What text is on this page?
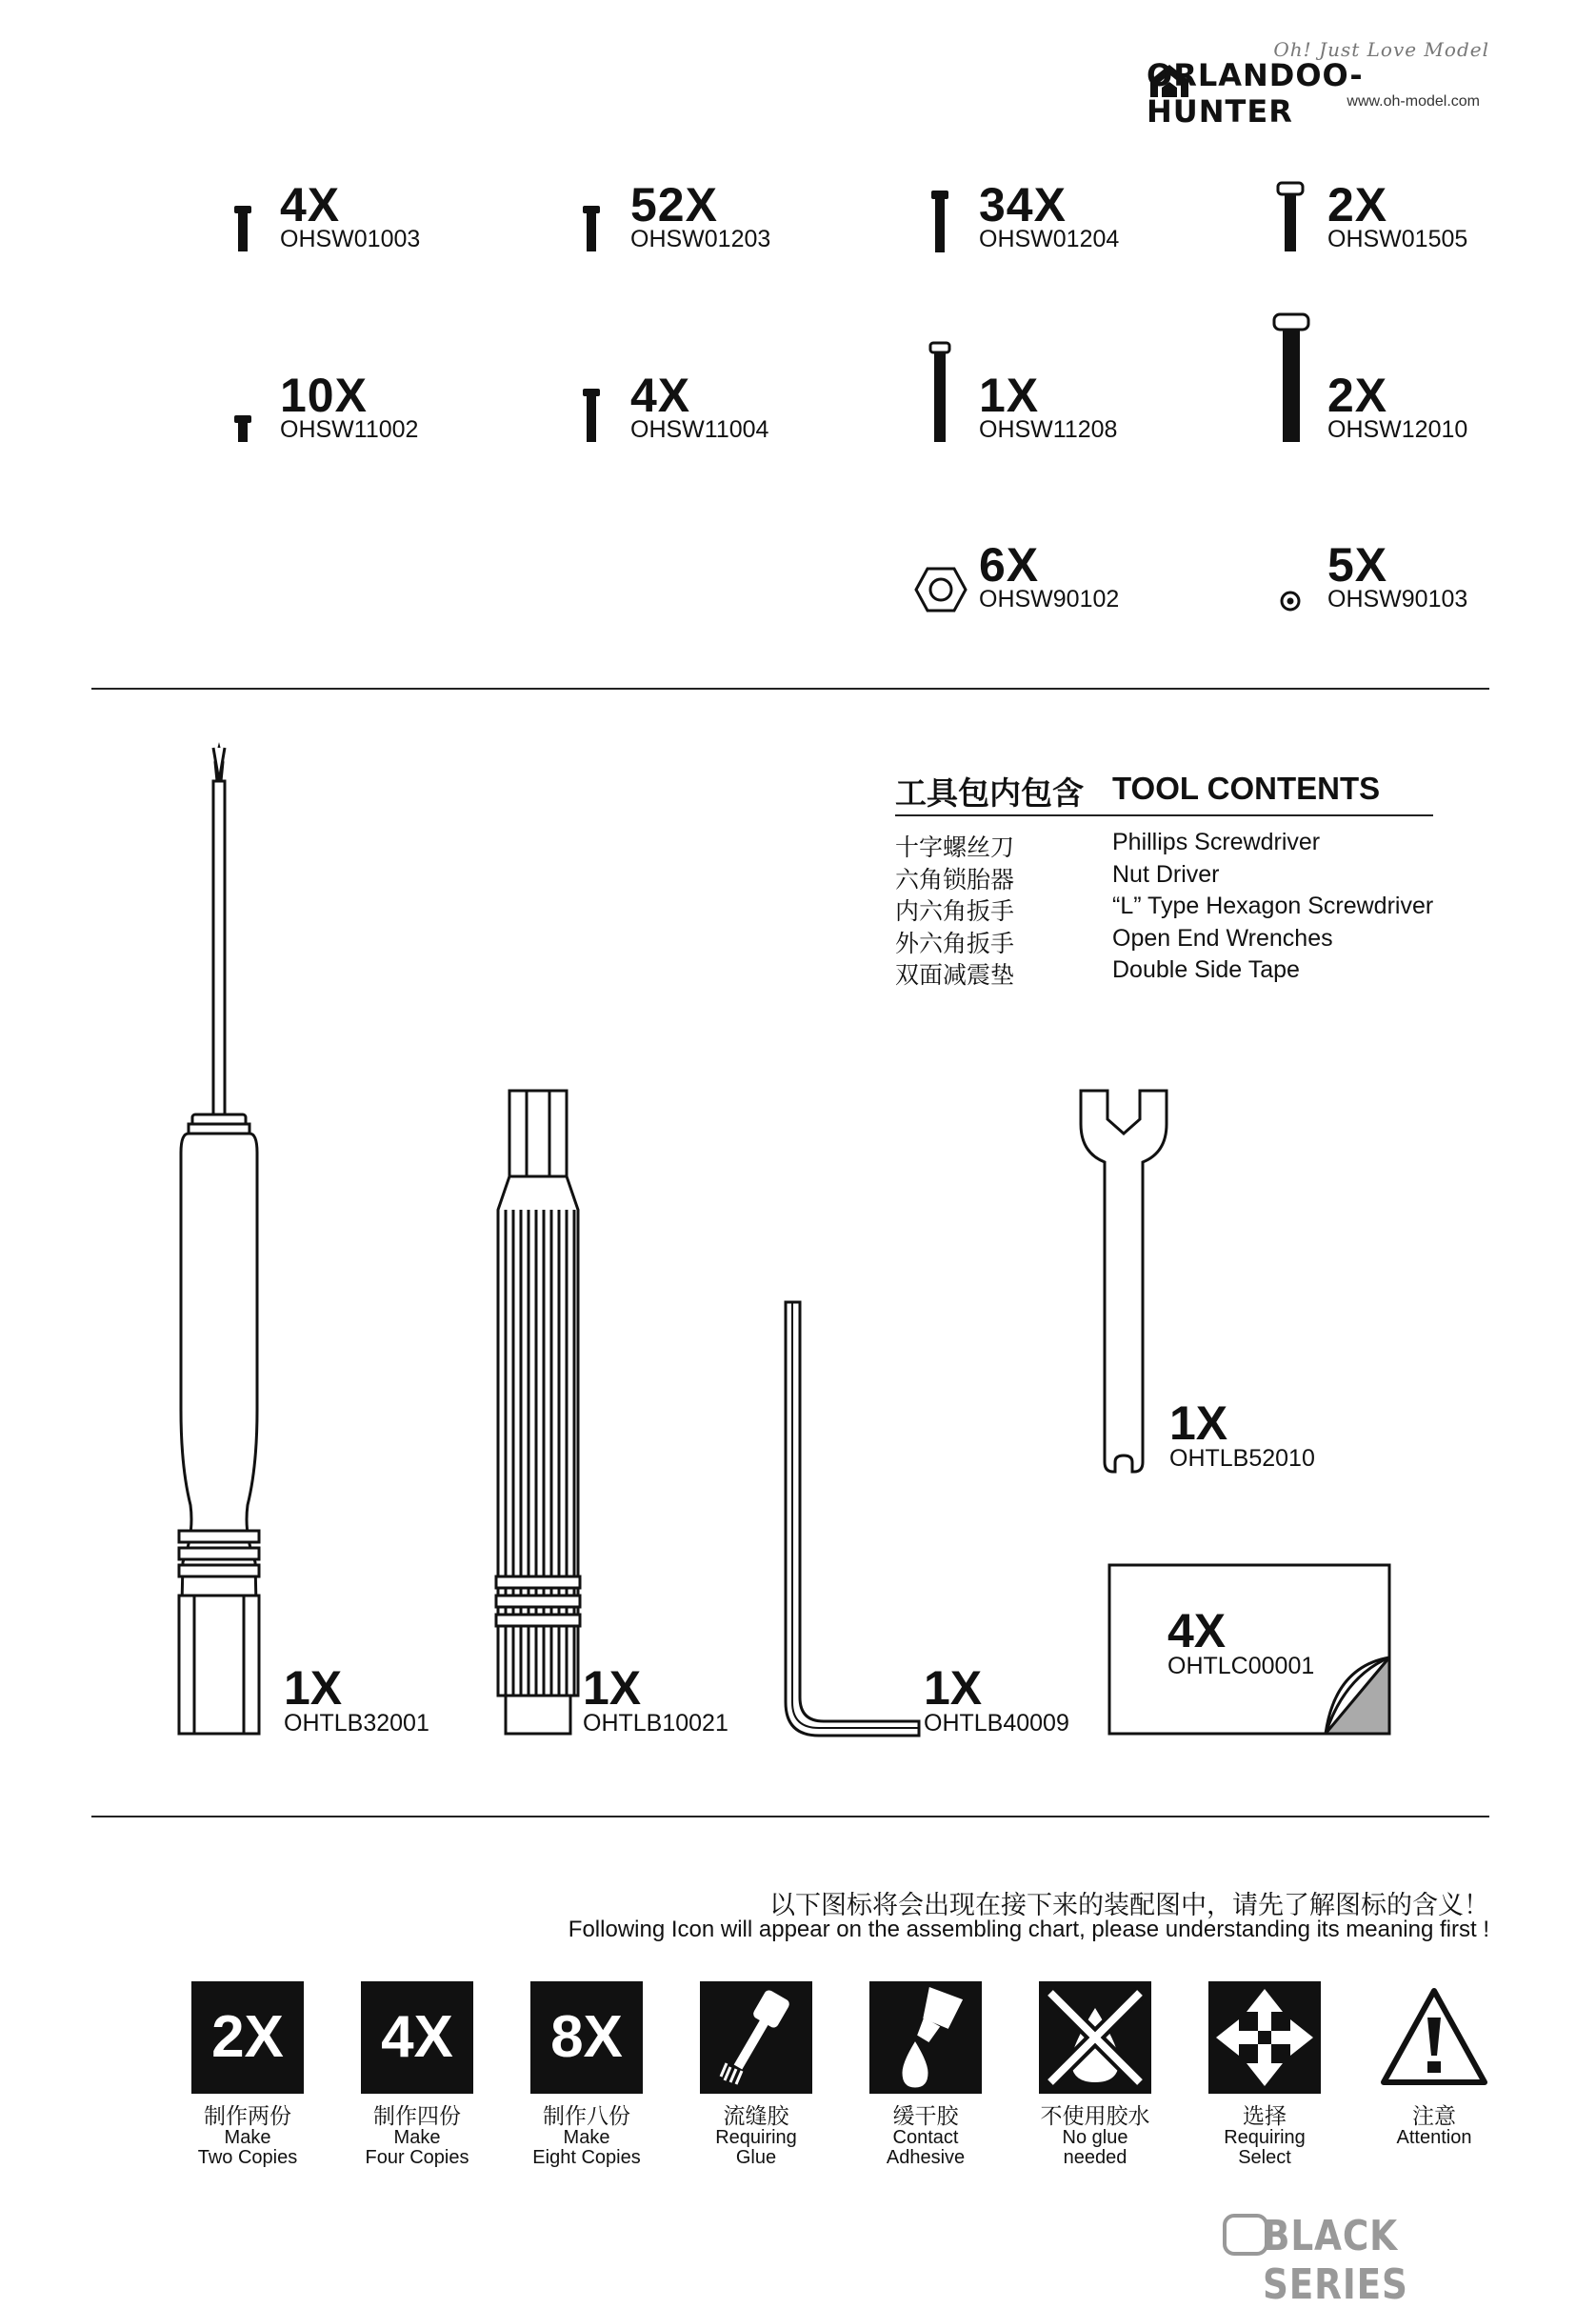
Oh! Just Love Model
ORLANDOO-HUNTER	www.oh-model.com
4X
OHSW01003
52X
OHSW01203
34X
OHSW01204
2X
OHSW01505
10X
OHSW11002
4X
OHSW11004
1X
OHSW11208
2X
OHSW12010
6X
OHSW90102
5X
OHSW90103
工具包内包含 TOOL CONTENTS
十字螺丝刀	Phillips Screwdriver
六角锁胎器	Nut Driver
内六角扳手	“L” Type Hexagon Screwdriver
外六角扳手	Open End Wrenches
双面减震垫	Double Side Tape
1X
OHTLB32001
1X
OHTLB10021
1X
OHTLB40009
1X
OHTLB52010
4X
OHTLC00001
以下图标将会出现在接下来的装配图中，请先了解图标的含义！
Following Icon will appear on the assembling chart, please understanding its meaning first !
2X
制作两份
Make
Two Copies
4X
制作四份
Make
Four Copies
8X
制作八份
Make
Eight Copies
流缝胶
Requiring
Glue
缓干胶
Contact
Adhesive
不使用胶水
No glue
needed
选择
Requiring
Select
注意
Attention
BLACK SERIES
